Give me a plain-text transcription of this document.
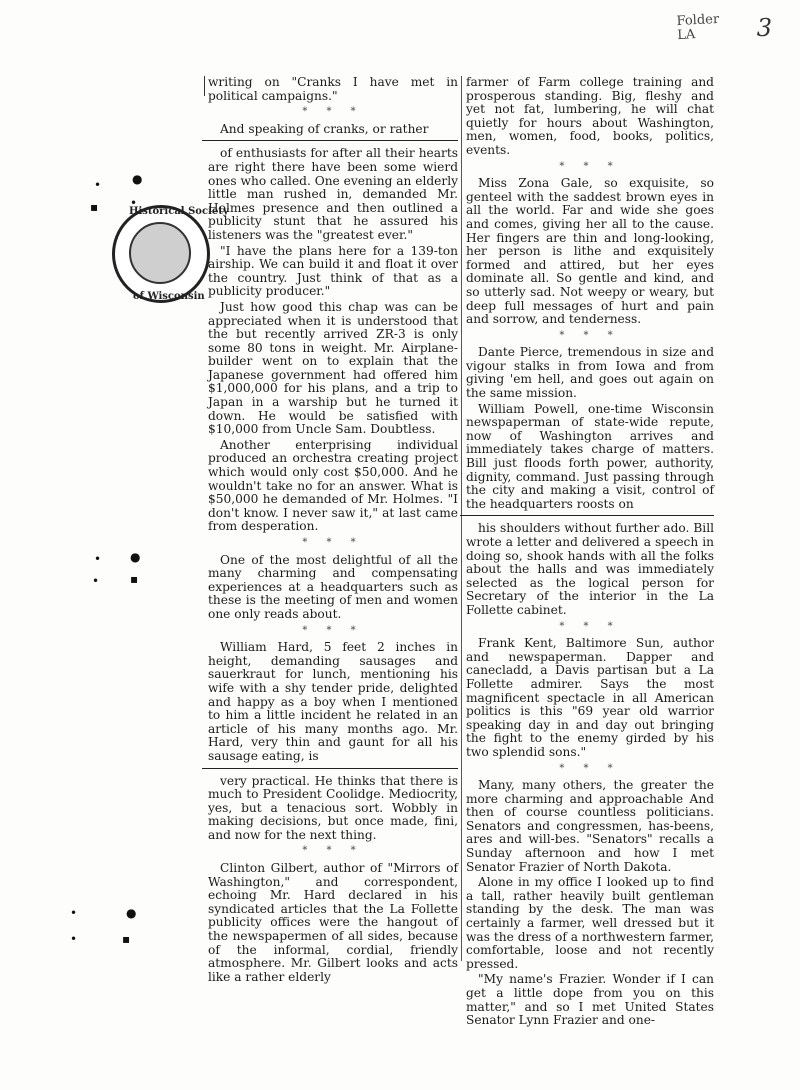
3
Folder
LA
Historical Society
of Wisconsin
●
•
•
▪
●
•
▪
•
●
•
▪
•

writing on "Cranks I have met in political campaigns."

* * *

And speaking of cranks, or rather

of enthusiasts for after all their hearts are right there have been some wierd ones who called. One evening an elderly little man rushed in, demanded Mr. Holmes presence and then outlined a publicity stunt that he assured his listeners was the "greatest ever."

"I have the plans here for a 139-ton airship. We can build it and float it over the country. Just think of that as a publicity producer."

Just how good this chap was can be appreciated when it is understood that the but recently arrived ZR-3 is only some 80 tons in weight. Mr. Airplane-builder went on to explain that the Japanese government had offered him $1,000,000 for his plans, and a trip to Japan in a warship but he turned it down. He would be satisfied with $10,000 from Uncle Sam. Doubtless.

Another enterprising individual produced an orchestra creating project which would only cost $50,000. And he wouldn't take no for an answer. What is $50,000 he demanded of Mr. Holmes. "I don't know. I never saw it," at last came from desperation.

* * *

One of the most delightful of all the many charming and compensating experiences at a headquarters such as these is the meeting of men and women one only reads about.

* * *

William Hard, 5 feet 2 inches in height, demanding sausages and sauerkraut for lunch, mentioning his wife with a shy tender pride, delighted and happy as a boy when I mentioned to him a little incident he related in an article of his many months ago. Mr. Hard, very thin and gaunt for all his sausage eating, is

very practical. He thinks that there is much to President Coolidge. Mediocrity, yes, but a tenacious sort. Wobbly in making decisions, but once made, fini, and now for the next thing.

* * *

Clinton Gilbert, author of "Mirrors of Washington," and correspondent, echoing Mr. Hard declared in his syndicated articles that the La Follette publicity offices were the hangout of the newspapermen of all sides, because of the informal, cordial, friendly atmosphere. Mr. Gilbert looks and acts like a rather elderly

farmer of Farm college training and prosperous standing. Big, fleshy and yet not fat, lumbering, he will chat quietly for hours about Washington, men, women, food, books, politics, events.

* * *

Miss Zona Gale, so exquisite, so genteel with the saddest brown eyes in all the world. Far and wide she goes and comes, giving her all to the cause. Her fingers are thin and long-looking, her person is lithe and exquisitely formed and attired, but her eyes dominate all. So gentle and kind, and so utterly sad. Not weepy or weary, but deep full messages of hurt and pain and sorrow, and tenderness.

* * *

Dante Pierce, tremendous in size and vigour stalks in from Iowa and from giving 'em hell, and goes out again on the same mission.

William Powell, one-time Wisconsin newspaperman of state-wide repute, now of Washington arrives and immediately takes charge of matters. Bill just floods forth power, authority, dignity, command. Just passing through the city and making a visit, control of the headquarters roosts on

his shoulders without further ado. Bill wrote a letter and delivered a speech in doing so, shook hands with all the folks about the halls and was immediately selected as the logical person for Secretary of the interior in the La Follette cabinet.

* * *

Frank Kent, Baltimore Sun, author and newspaperman. Dapper and canecladd, a Davis partisan but a La Follette admirer. Says the most magnificent spectacle in all American politics is this "69 year old warrior speaking day in and day out bringing the fight to the enemy girded by his two splendid sons."

* * *

Many, many others, the greater the more charming and approachable And then of course countless politicians. Senators and congressmen, has-beens, ares and will-bes. "Senators" recalls a Sunday afternoon and how I met Senator Frazier of North Dakota.

Alone in my office I looked up to find a tall, rather heavily built gentleman standing by the desk. The man was certainly a farmer, well dressed but it was the dress of a northwestern farmer, comfortable, loose and not recently pressed.

"My name's Frazier. Wonder if I can get a little dope from you on this matter," and so I met United States Senator Lynn Frazier and one-
